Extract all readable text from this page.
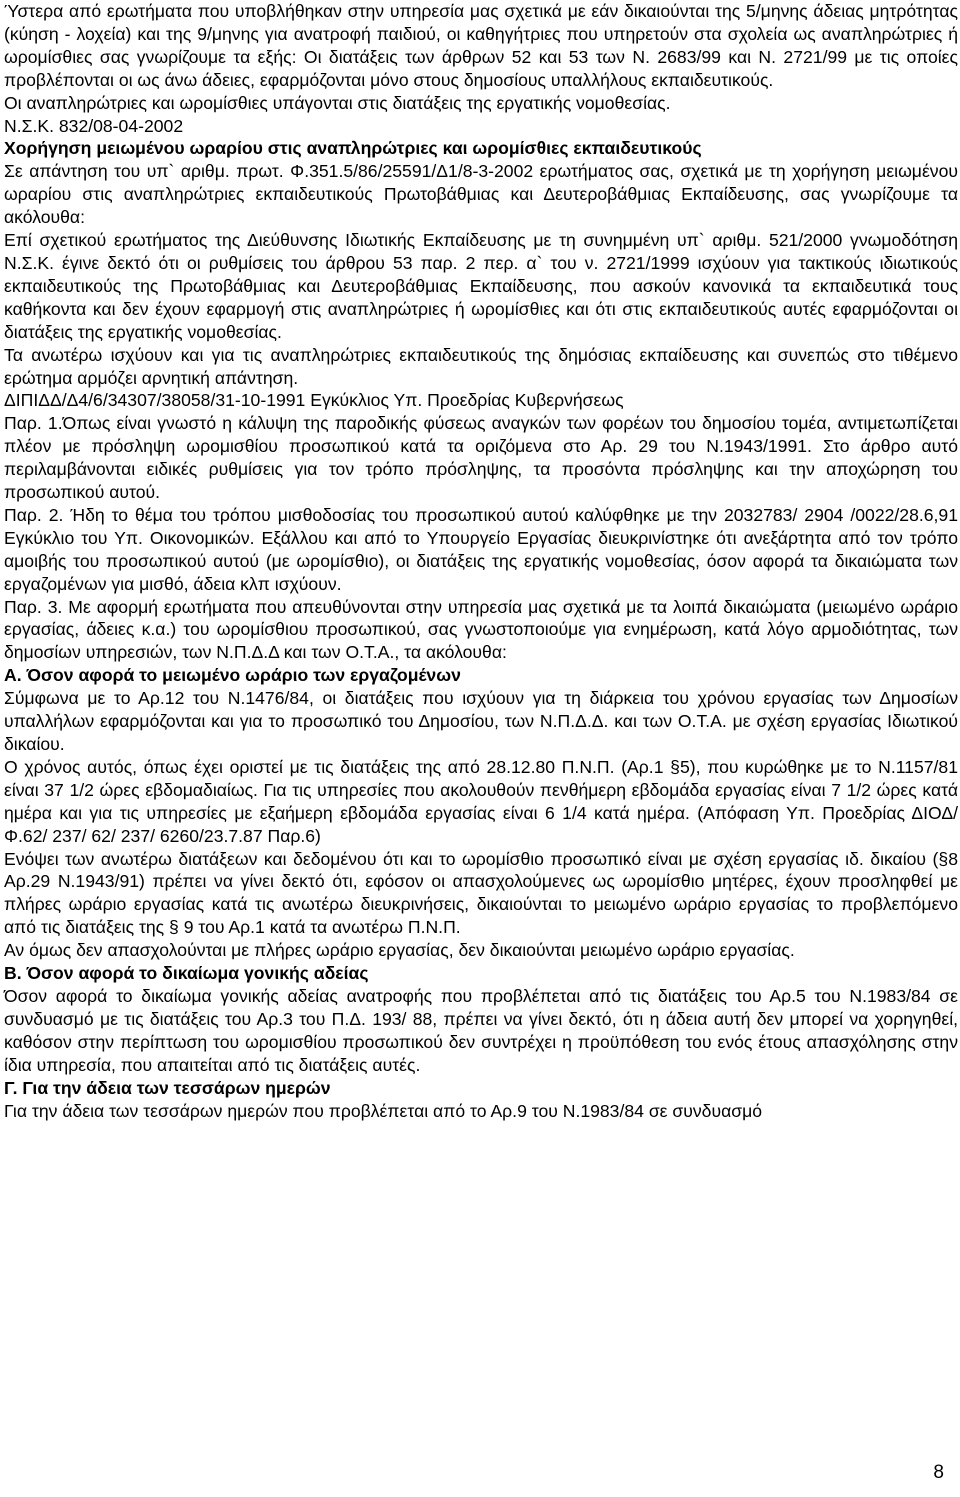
Ύστερα από ερωτήματα που υποβλήθηκαν στην υπηρεσία μας σχετικά με εάν δικαιούνται της 5/μηνης άδειας μητρότητας (κύηση - λοχεία) και της 9/μηνης για ανατροφή παιδιού, οι καθηγήτριες που υπηρετούν στα σχολεία ως αναπληρώτριες ή ωρομίσθιες σας γνωρίζουμε τα εξής: Οι διατάξεις των άρθρων 52 και 53 των Ν. 2683/99 και Ν. 2721/99 με τις οποίες προβλέπονται οι ως άνω άδειες, εφαρμόζονται μόνο στους δημοσίους υπαλλήλους εκπαιδευτικούς.

Οι αναπληρώτριες και ωρομίσθιες υπάγονται στις διατάξεις της εργατικής νομοθεσίας.

Ν.Σ.Κ. 832/08-04-2002

Χορήγηση μειωμένου ωραρίου στις αναπληρώτριες και ωρομίσθιες εκπαιδευτικούς

Σε απάντηση του υπ` αριθμ. πρωτ. Φ.351.5/86/25591/Δ1/8-3-2002 ερωτήματος σας, σχετικά με τη χορήγηση μειωμένου ωραρίου στις αναπληρώτριες εκπαιδευτικούς Πρωτοβάθμιας και Δευτεροβάθμιας Εκπαίδευσης, σας γνωρίζουμε τα ακόλουθα:

Επί σχετικού ερωτήματος της Διεύθυνσης Ιδιωτικής Εκπαίδευσης με τη συνημμένη υπ` αριθμ. 521/2000 γνωμοδότηση Ν.Σ.Κ. έγινε δεκτό ότι οι ρυθμίσεις του άρθρου 53 παρ. 2 περ. α` του ν. 2721/1999 ισχύουν για τακτικούς ιδιωτικούς εκπαιδευτικούς της Πρωτοβάθμιας και Δευτεροβάθμιας Εκπαίδευσης, που ασκούν κανονικά τα εκπαιδευτικά τους καθήκοντα και δεν έχουν εφαρμογή στις αναπληρώτριες ή ωρομίσθιες και ότι στις εκπαιδευτικούς αυτές εφαρμόζονται οι διατάξεις της εργατικής νομοθεσίας.

Τα ανωτέρω ισχύουν και για τις αναπληρώτριες εκπαιδευτικούς της δημόσιας εκπαίδευσης και συνεπώς στο τιθέμενο ερώτημα αρμόζει αρνητική απάντηση.

ΔΙΠΙΔΔ/Δ4/6/34307/38058/31-10-1991 Εγκύκλιος Υπ. Προεδρίας Κυβερνήσεως

Παρ. 1.Όπως είναι γνωστό η κάλυψη της παροδικής φύσεως αναγκών των φορέων του δημοσίου τομέα, αντιμετωπίζεται πλέον με πρόσληψη ωρομισθίου προσωπικού κατά τα οριζόμενα στο Αρ. 29 του Ν.1943/1991. Στο άρθρο αυτό περιλαμβάνονται ειδικές ρυθμίσεις για τον τρόπο πρόσληψης, τα προσόντα πρόσληψης και την αποχώρηση του προσωπικού αυτού.

Παρ. 2. Ήδη το θέμα του τρόπου μισθοδοσίας του προσωπικού αυτού καλύφθηκε με την 2032783/ 2904 /0022/28.6,91 Εγκύκλιο του Υπ. Οικονομικών. Εξάλλου και από το Υπουργείο Εργασίας διευκρινίστηκε ότι ανεξάρτητα από τον τρόπο αμοιβής του προσωπικού αυτού (με ωρομίσθιο), οι διατάξεις της εργατικής νομοθεσίας, όσον αφορά τα δικαιώματα των εργαζομένων για μισθό, άδεια κλπ ισχύουν.

Παρ. 3. Με αφορμή ερωτήματα που απευθύνονται στην υπηρεσία μας σχετικά με τα λοιπά δικαιώματα (μειωμένο ωράριο εργασίας, άδειες κ.α.) του ωρομίσθιου προσωπικού, σας γνωστοποιούμε για ενημέρωση, κατά λόγο αρμοδιότητας, των δημοσίων υπηρεσιών, των Ν.Π.Δ.Δ και των Ο.Τ.Α., τα ακόλουθα:

Α. Όσον αφορά το μειωμένο ωράριο των εργαζομένων

Σύμφωνα με το Αρ.12 του Ν.1476/84, οι διατάξεις που ισχύουν για τη διάρκεια του χρόνου εργασίας των Δημοσίων υπαλλήλων εφαρμόζονται και για το προσωπικό του Δημοσίου, των Ν.Π.Δ.Δ. και των Ο.Τ.Α. με σχέση εργασίας Ιδιωτικού δικαίου.

Ο χρόνος αυτός, όπως έχει οριστεί με τις διατάξεις της από 28.12.80 Π.Ν.Π. (Αρ.1 §5), που κυρώθηκε με το Ν.1157/81 είναι 37 1/2 ώρες εβδομαδιαίως. Για τις υπηρεσίες που ακολουθούν πενθήμερη εβδομάδα εργασίας είναι 7 1/2 ώρες κατά ημέρα και για τις υπηρεσίες με εξαήμερη εβδομάδα εργασίας είναι 6 1/4 κατά ημέρα. (Απόφαση Υπ. Προεδρίας ΔΙΟΔ/Φ.62/ 237/ 62/ 237/ 6260/23.7.87 Παρ.6)

Ενόψει των ανωτέρω διατάξεων και δεδομένου ότι και το ωρομίσθιο προσωπικό είναι με σχέση εργασίας ιδ. δικαίου (§8 Αρ.29 Ν.1943/91) πρέπει να γίνει δεκτό ότι, εφόσον οι απασχολούμενες ως ωρομίσθιο μητέρες, έχουν προσληφθεί με πλήρες ωράριο εργασίας κατά τις ανωτέρω διευκρινήσεις, δικαιούνται το μειωμένο ωράριο εργασίας το προβλεπόμενο από τις διατάξεις της § 9 του Αρ.1 κατά τα ανωτέρω Π.Ν.Π.

Αν όμως δεν απασχολούνται με πλήρες ωράριο εργασίας, δεν δικαιούνται μειωμένο ωράριο εργασίας.

Β. Όσον αφορά το δικαίωμα γονικής αδείας

Όσον αφορά το δικαίωμα γονικής αδείας ανατροφής που προβλέπεται από τις διατάξεις του Αρ.5 του Ν.1983/84 σε συνδυασμό με τις διατάξεις του Αρ.3 του Π.Δ. 193/ 88, πρέπει να γίνει δεκτό, ότι η άδεια αυτή δεν μπορεί να χορηγηθεί, καθόσον στην περίπτωση του ωρομισθίου προσωπικού δεν συντρέχει η προϋπόθεση του ενός έτους απασχόλησης στην ίδια υπηρεσία, που απαιτείται από τις διατάξεις αυτές.

Γ. Για την άδεια των τεσσάρων ημερών

Για την άδεια των τεσσάρων ημερών που προβλέπεται από το Αρ.9 του Ν.1983/84 σε συνδυασμό

8
